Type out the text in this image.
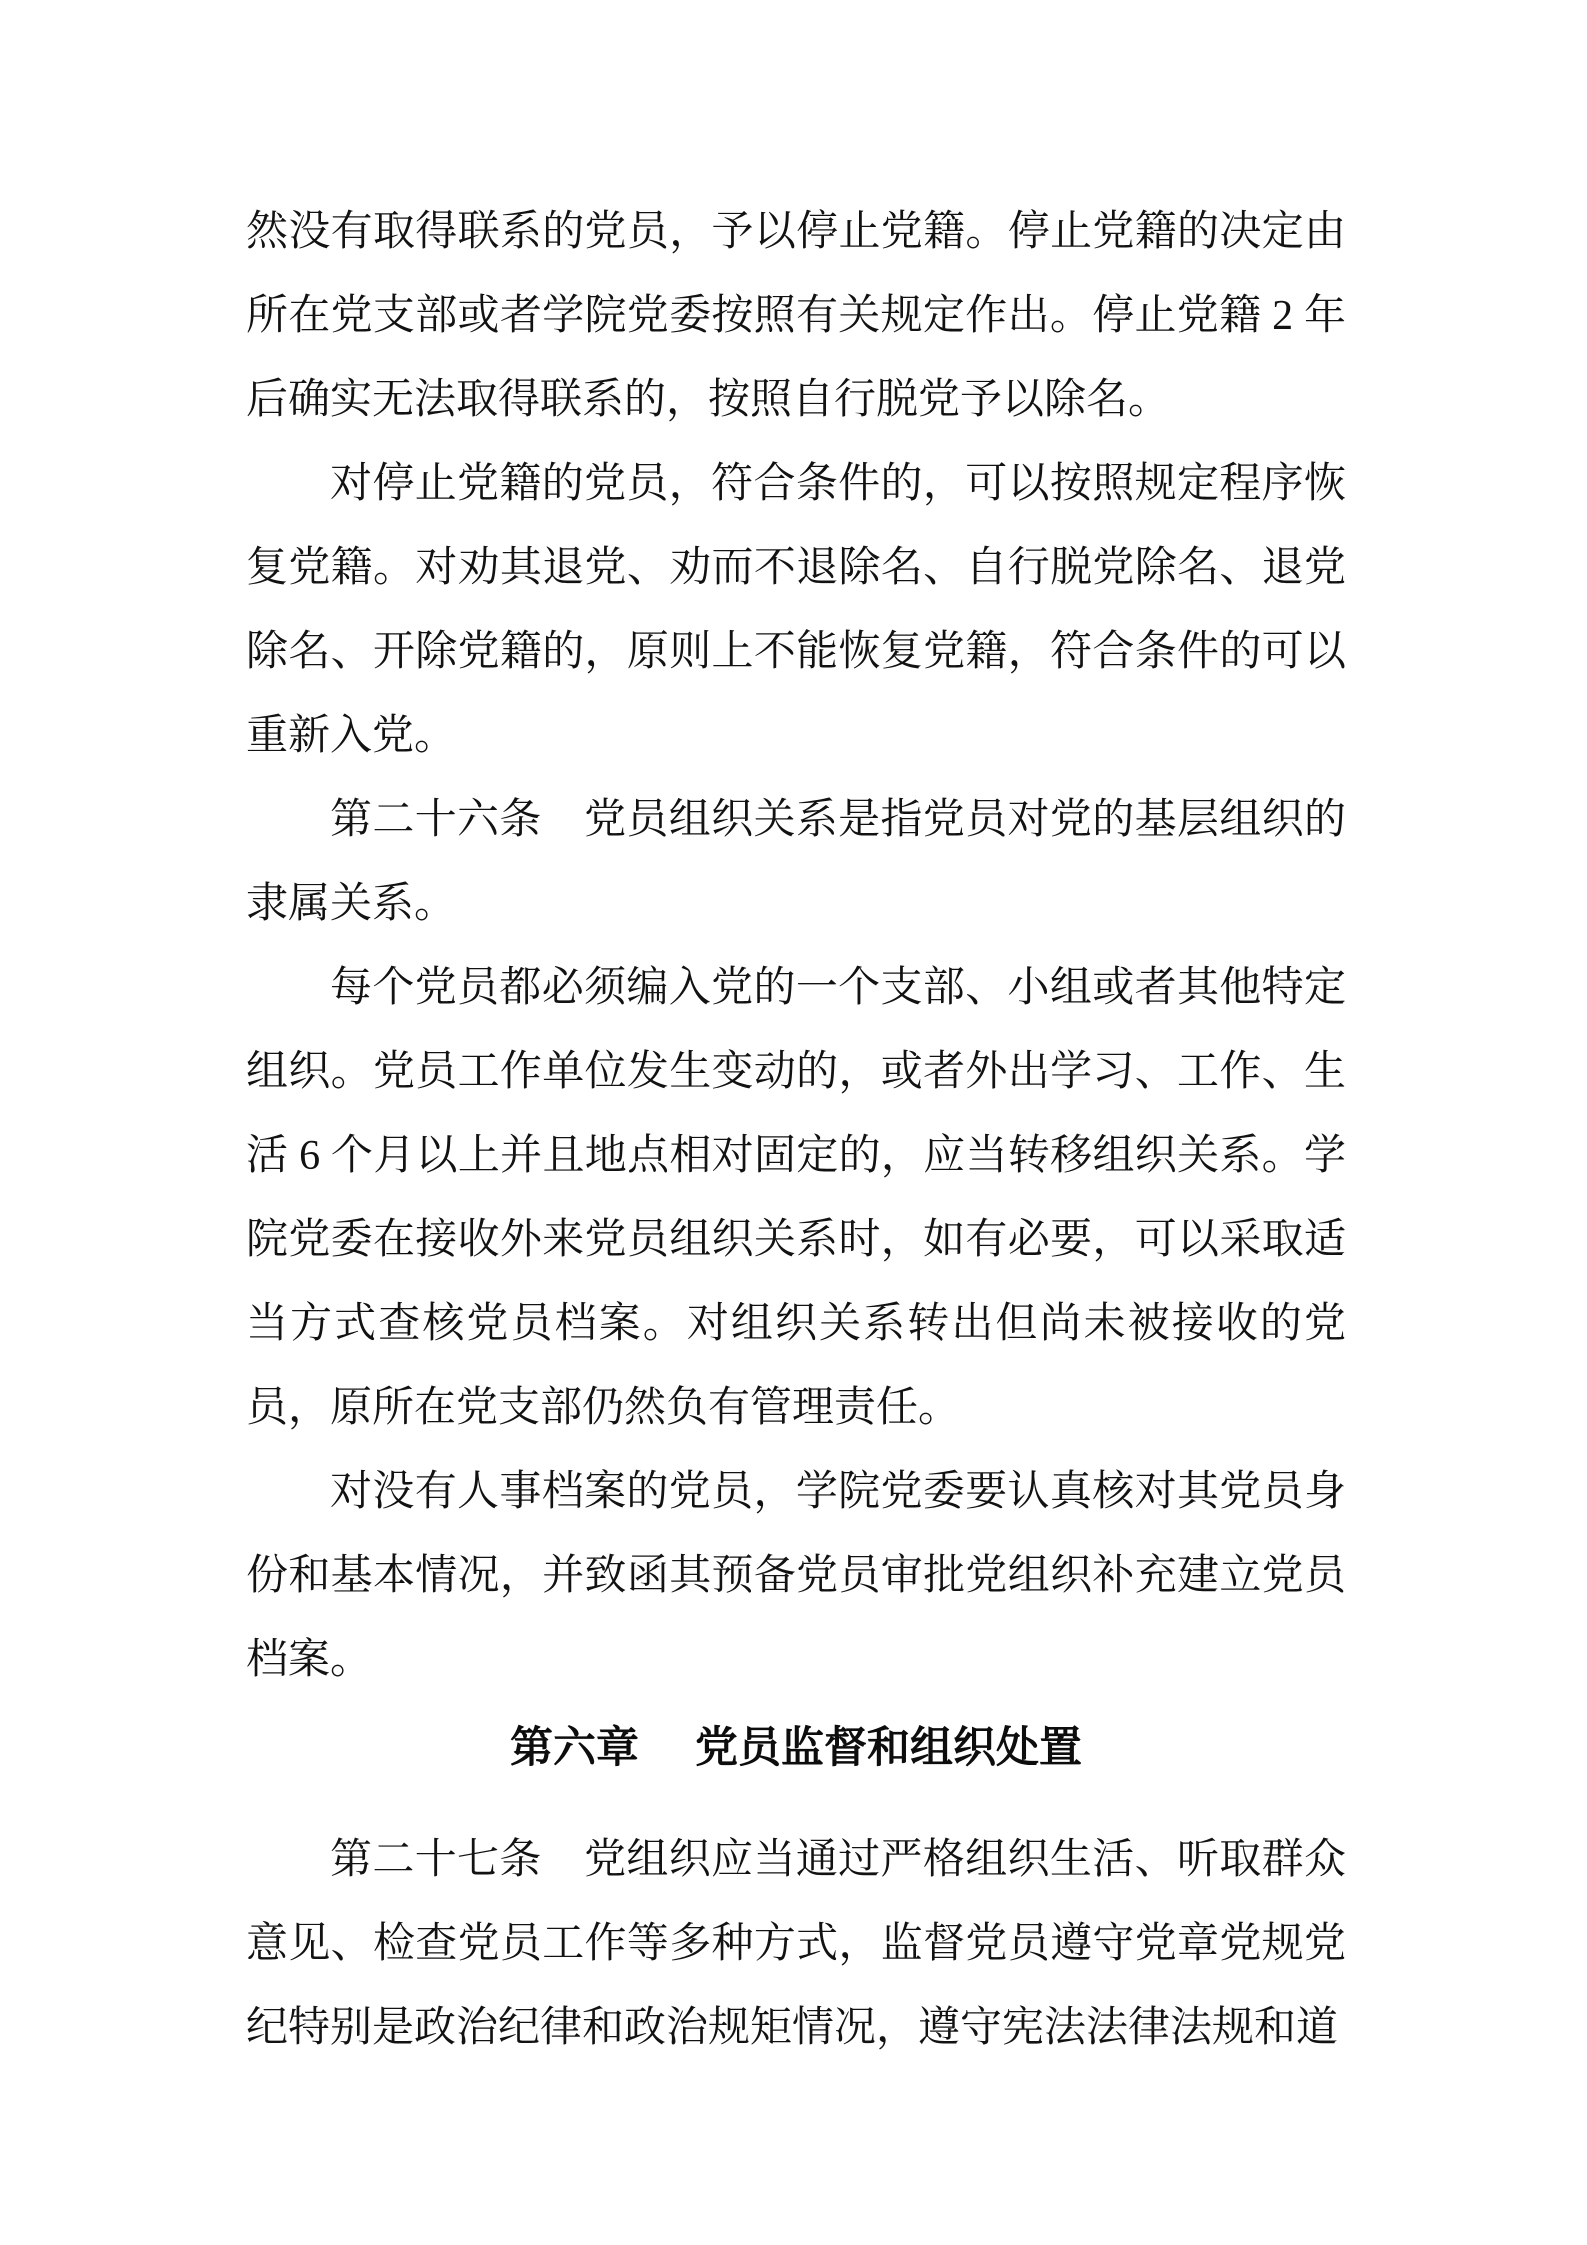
然没有取得联系的党员，予以停止党籍。停止党籍的决定由所在党支部或者学院党委按照有关规定作出。停止党籍 2 年后确实无法取得联系的，按照自行脱党予以除名。

对停止党籍的党员，符合条件的，可以按照规定程序恢复党籍。对劝其退党、劝而不退除名、自行脱党除名、退党除名、开除党籍的，原则上不能恢复党籍，符合条件的可以重新入党。

第二十六条　党员组织关系是指党员对党的基层组织的隶属关系。

每个党员都必须编入党的一个支部、小组或者其他特定组织。党员工作单位发生变动的，或者外出学习、工作、生活 6 个月以上并且地点相对固定的，应当转移组织关系。学院党委在接收外来党员组织关系时，如有必要，可以采取适当方式查核党员档案。对组织关系转出但尚未被接收的党员，原所在党支部仍然负有管理责任。

对没有人事档案的党员，学院党委要认真核对其党员身份和基本情况，并致函其预备党员审批党组织补充建立党员档案。

第六章 党员监督和组织处置

第二十七条　党组织应当通过严格组织生活、听取群众意见、检查党员工作等多种方式，监督党员遵守党章党规党纪特别是政治纪律和政治规矩情况，遵守宪法法律法规和道
